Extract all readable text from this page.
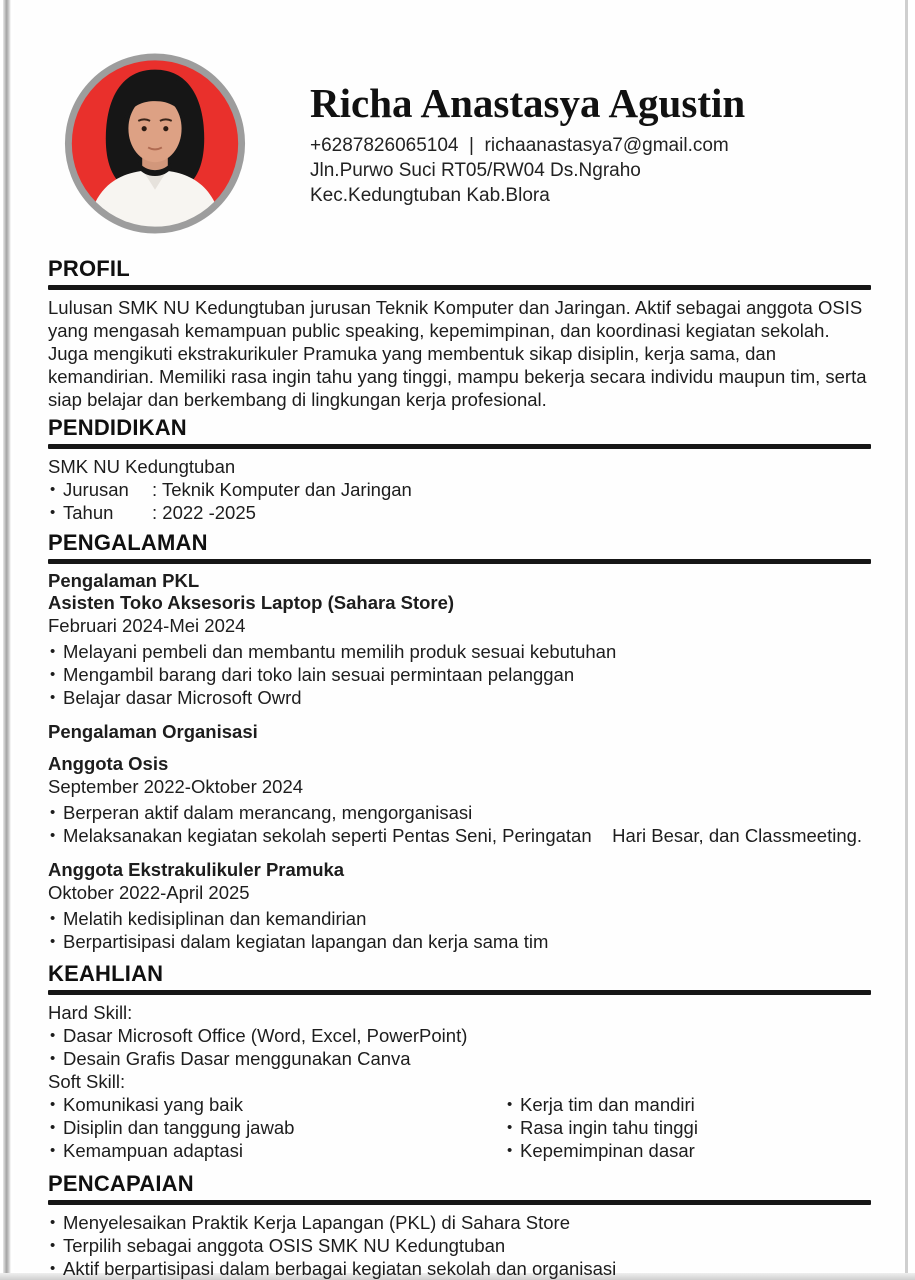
Richa Anastasya Agustin
+6287826065104  |  richaanastasya7@gmail.com
Jln.Purwo Suci RT05/RW04 Ds.Ngraho
Kec.Kedungtuban Kab.Blora
PROFIL
Lulusan SMK NU Kedungtuban jurusan Teknik Komputer dan Jaringan. Aktif sebagai anggota OSIS yang mengasah kemampuan public speaking, kepemimpinan, dan koordinasi kegiatan sekolah. Juga mengikuti ekstrakurikuler Pramuka yang membentuk sikap disiplin, kerja sama, dan kemandirian. Memiliki rasa ingin tahu yang tinggi, mampu bekerja secara individu maupun tim, serta siap belajar dan berkembang di lingkungan kerja profesional.
PENDIDIKAN
SMK NU Kedungtuban
• Jurusan : Teknik Komputer dan Jaringan
• Tahun : 2022 -2025
PENGALAMAN
Pengalaman PKL
Asisten Toko Aksesoris Laptop (Sahara Store)
Februari 2024-Mei 2024
• Melayani pembeli dan membantu memilih produk sesuai kebutuhan
• Mengambil barang dari toko lain sesuai permintaan pelanggan
• Belajar dasar Microsoft Owrd
Pengalaman Organisasi
Anggota Osis
September 2022-Oktober 2024
• Berperan aktif dalam merancang, mengorganisasi
• Melaksanakan kegiatan sekolah seperti Pentas Seni, Peringatan    Hari Besar, dan Classmeeting.
Anggota Ekstrakulikuler Pramuka
Oktober 2022-April 2025
• Melatih kedisiplinan dan kemandirian
• Berpartisipasi dalam kegiatan lapangan dan kerja sama tim
KEAHLIAN
Hard Skill:
• Dasar Microsoft Office (Word, Excel, PowerPoint)
• Desain Grafis Dasar menggunakan Canva
Soft Skill:
• Komunikasi yang baik
• Disiplin dan tanggung jawab
• Kemampuan adaptasi
• Kerja tim dan mandiri
• Rasa ingin tahu tinggi
• Kepemimpinan dasar
PENCAPAIAN
• Menyelesaikan Praktik Kerja Lapangan (PKL) di Sahara Store
• Terpilih sebagai anggota OSIS SMK NU Kedungtuban
• Aktif berpartisipasi dalam berbagai kegiatan sekolah dan organisasi
